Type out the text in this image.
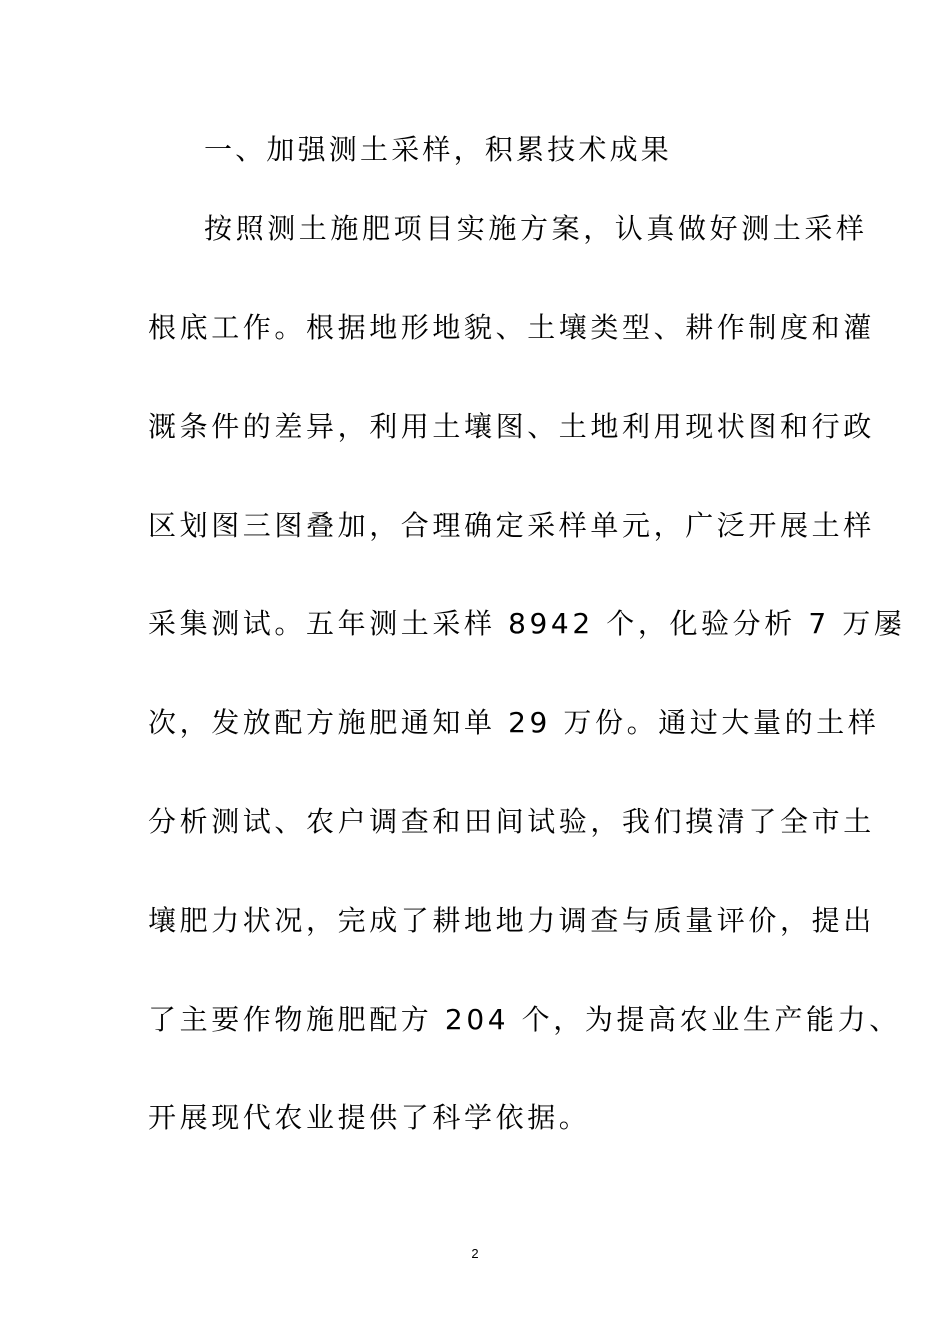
一、加强测土采样，积累技术成果

按照测土施肥项目实施方案，认真做好测土采样

根底工作。根据地形地貌、土壤类型、耕作制度和灌

溉条件的差异，利用土壤图、土地利用现状图和行政

区划图三图叠加，合理确定采样单元，广泛开展土样

采集测试。五年测土采样 8942 个，化验分析 7 万屡

次，发放配方施肥通知单 29 万份。通过大量的土样

分析测试、农户调查和田间试验，我们摸清了全市土

壤肥力状况，完成了耕地地力调查与质量评价，提出

了主要作物施肥配方 204 个，为提高农业生产能力、

开展现代农业提供了科学依据。

2
